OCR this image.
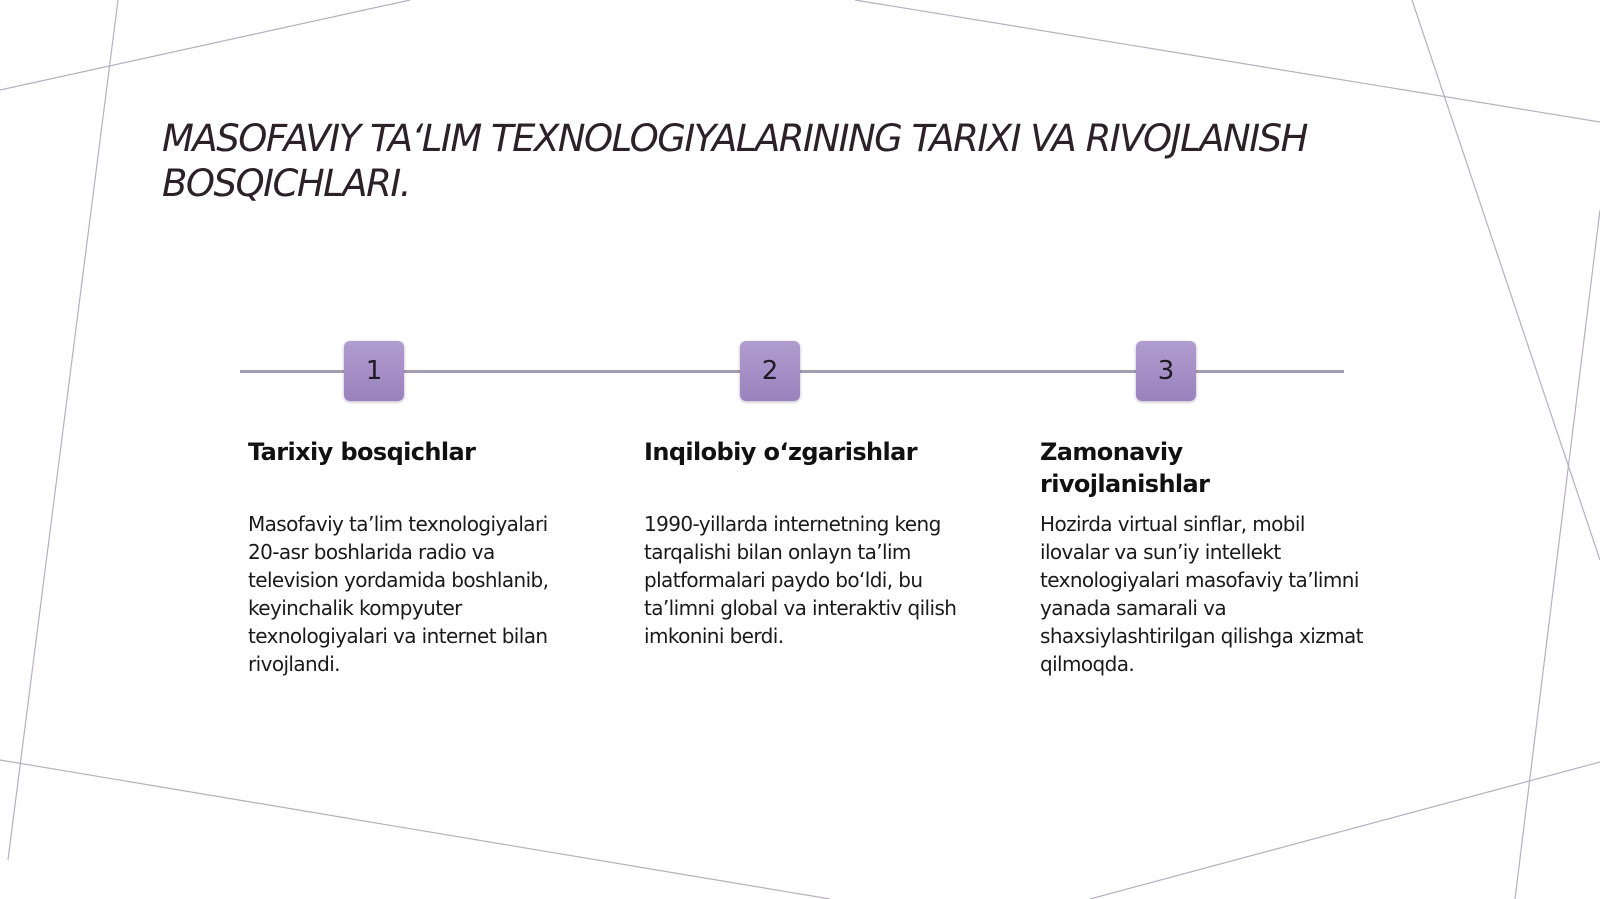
MASOFAVIY TA‘LIM TEXNOLOGIYALARINING TARIXI VA RIVOJLANISH BOSQICHLARI.
1	2	3
Tarixiy bosqichlar

Masofaviy ta’lim texnologiyalari 20-asr boshlarida radio va television yordamida boshlanib, keyinchalik kompyuter texnologiyalari va internet bilan rivojlandi.

Inqilobiy o‘zgarishlar

1990-yillarda internetning keng tarqalishi bilan onlayn ta’lim platformalari paydo bo‘ldi, bu ta’limni global va interaktiv qilish imkonini berdi.

Zamonaviy rivojlanishlar

Hozirda virtual sinflar, mobil ilovalar va sun’iy intellekt texnologiyalari masofaviy ta’limni yanada samarali va shaxsiylashtirilgan qilishga xizmat qilmoqda.
